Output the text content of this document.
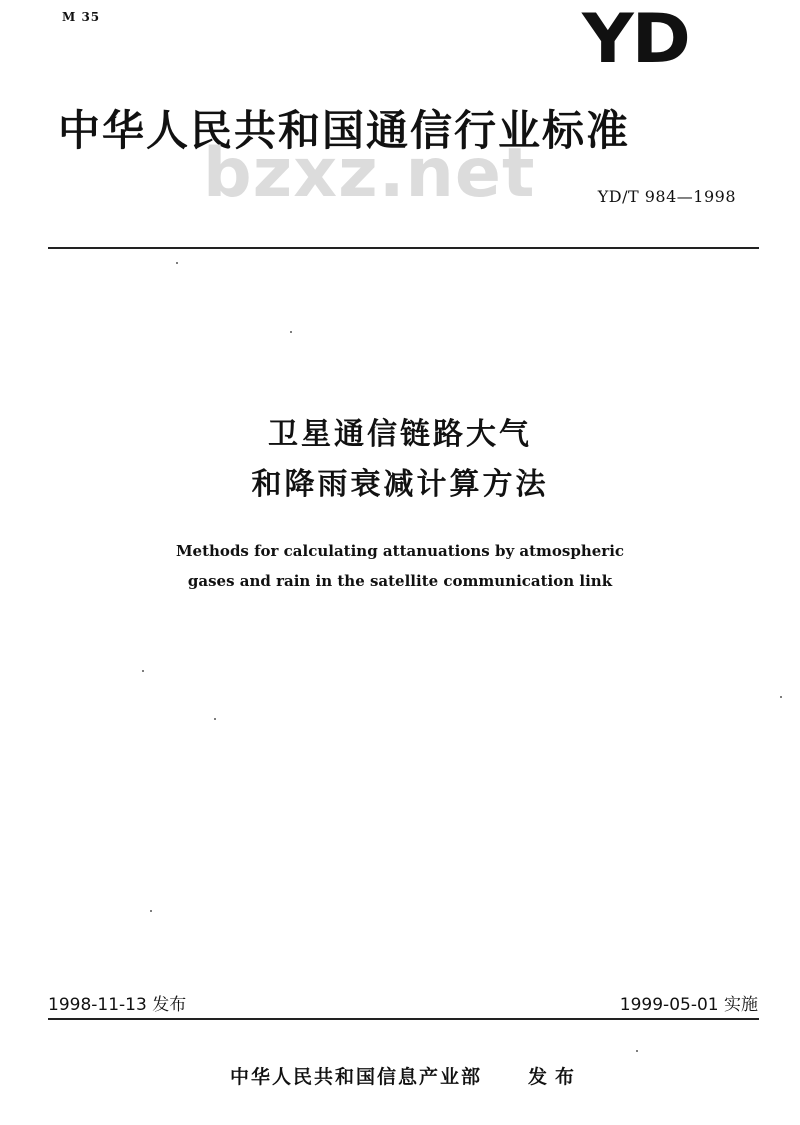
M 35	YD
中华人民共和国通信行业标准
bzxz.net	YD/T 984—1998
卫星通信链路大气
和降雨衰减计算方法
Methods for calculating attanuations by atmospheric
gases and rain in the satellite communication link
1998-11-13 发布	1999-05-01 实施
中华人民共和国信息产业部 发布
